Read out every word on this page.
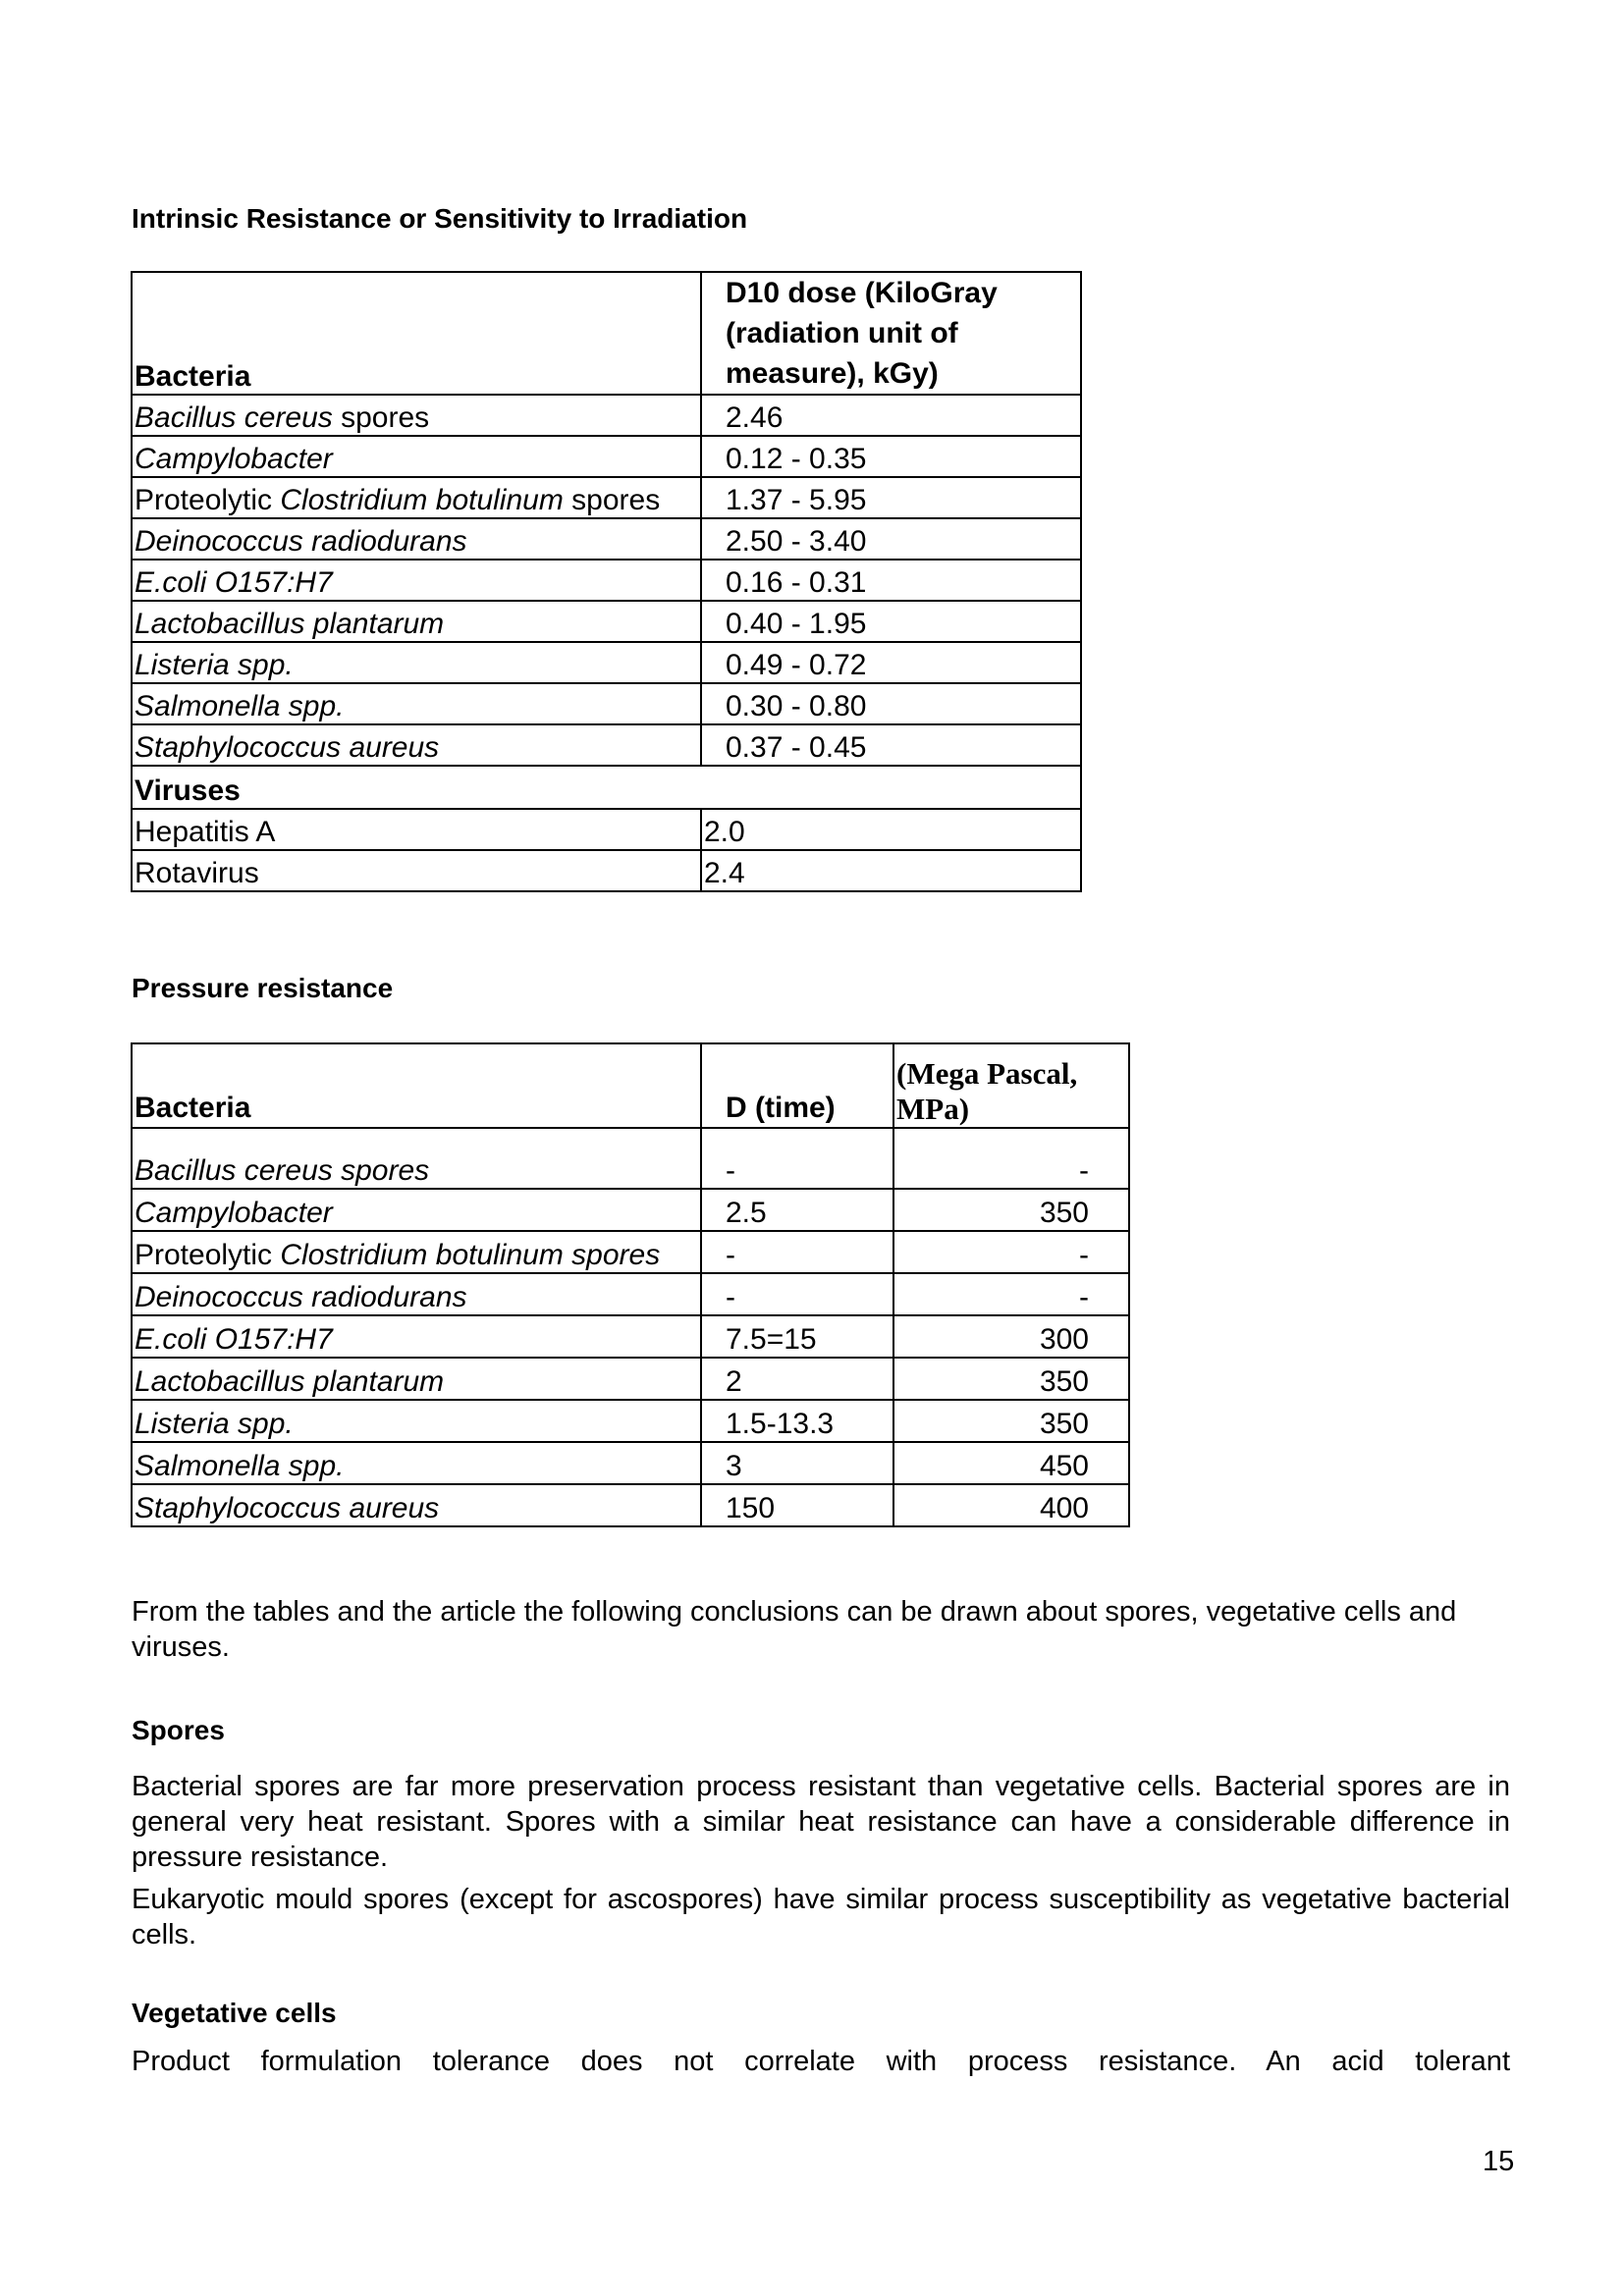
Intrinsic Resistance or Sensitivity to Irradiation
Bacteria	D10 dose (KiloGray (radiation unit of measure), kGy)
Bacillus cereus spores	2.46
Campylobacter	0.12 - 0.35
Proteolytic Clostridium botulinum spores	1.37 - 5.95
Deinococcus radiodurans	2.50 - 3.40
E.coli O157:H7	0.16 - 0.31
Lactobacillus plantarum	0.40 - 1.95
Listeria spp.	0.49 - 0.72
Salmonella spp.	0.30 - 0.80
Staphylococcus aureus	0.37 - 0.45
Viruses	
Hepatitis A	2.0
Rotavirus	2.4
Pressure resistance
Bacteria	D (time)	(Mega Pascal, MPa)
Bacillus cereus spores	-	-
Campylobacter	2.5	350
Proteolytic Clostridium botulinum spores	-	-
Deinococcus radiodurans	-	-
E.coli O157:H7	7.5=15	300
Lactobacillus plantarum	2	350
Listeria spp.	1.5-13.3	350
Salmonella spp.	3	450
Staphylococcus aureus	150	400

From the tables and the article the following conclusions can be drawn about spores, vegetative cells and viruses.

Spores

Bacterial spores are far more preservation process resistant than vegetative cells. Bacterial spores are in general very heat resistant. Spores with a similar heat resistance can have a considerable difference in pressure resistance.

Eukaryotic mould spores (except for ascospores) have similar process susceptibility as vegetative bacterial cells.

Vegetative cells

Product formulation tolerance does not correlate with process resistance. An acid tolerant

15
